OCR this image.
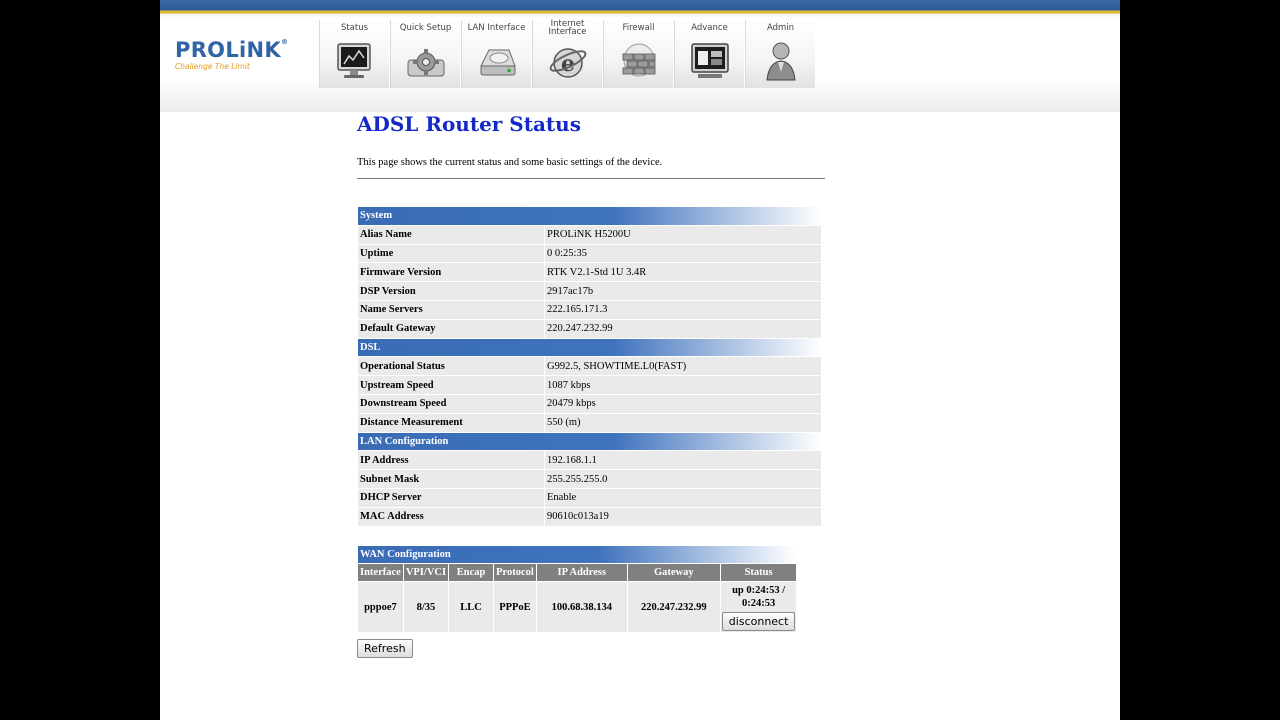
PROLiNK®
Challenge The Limit
Status	Quick Setup	LAN Interface	Internet Interface
e
Firewall	Advance	Admin
ADSL Router Status
This page shows the current status and some basic settings of the device.
System	
Alias Name	PROLiNK H5200U
Uptime	0 0:25:35
Firmware Version	RTK V2.1-Std 1U 3.4R
DSP Version	2917ac17b
Name Servers	222.165.171.3
Default Gateway	220.247.232.99
DSL	
Operational Status	G992.5, SHOWTIME.L0(FAST)
Upstream Speed	1087 kbps
Downstream Speed	20479 kbps
Distance Measurement	550 (m)
LAN Configuration	
IP Address	192.168.1.1
Subnet Mask	255.255.255.0
DHCP Server	Enable
MAC Address	90610c013a19
WAN Configuration						
Interface	VPI/VCI	Encap	Protocol	IP Address	Gateway	Status
pppoe7	8/35	LLC	PPPoE	100.68.38.134	220.247.232.99	up 0:24:53 /
0:24:53
disconnect
Refresh
